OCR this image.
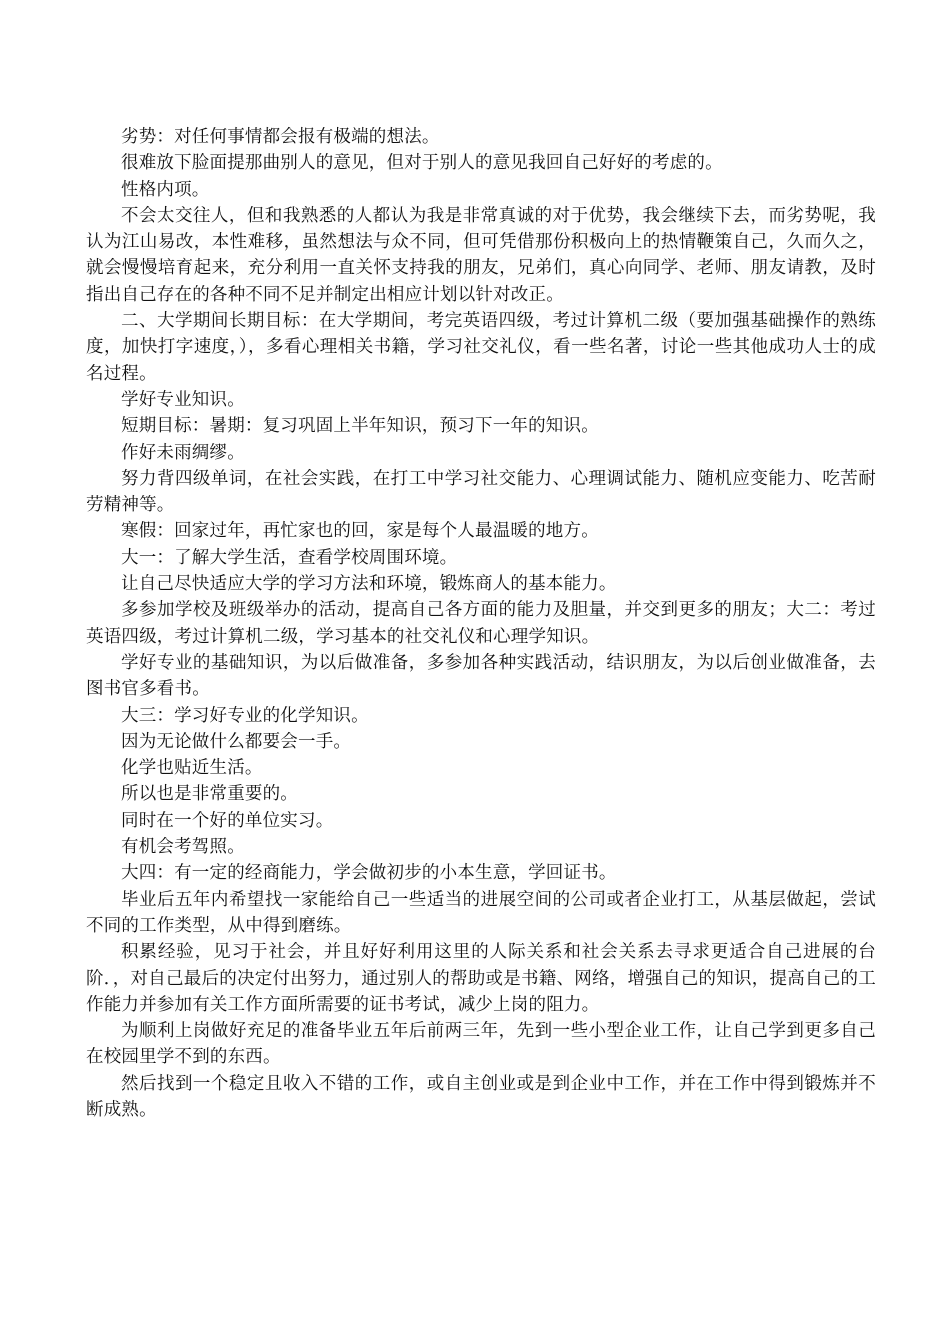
劣势：对任何事情都会报有极端的想法。

很难放下脸面提那曲别人的意见，但对于别人的意见我回自己好好的考虑的。

性格内项。

不会太交往人，但和我熟悉的人都认为我是非常真诚的对于优势，我会继续下去，而劣势呢，我认为江山易改，本性难移，虽然想法与众不同，但可凭借那份积极向上的热情鞭策自己，久而久之，就会慢慢培育起来，充分利用一直关怀支持我的朋友，兄弟们，真心向同学、老师、朋友请教，及时指出自己存在的各种不同不足并制定出相应计划以针对改正。

二、大学期间长期目标：在大学期间，考完英语四级，考过计算机二级（要加强基础操作的熟练度，加快打字速度，），多看心理相关书籍，学习社交礼仪，看一些名著，讨论一些其他成功人士的成名过程。

学好专业知识。

短期目标：暑期：复习巩固上半年知识，预习下一年的知识。

作好未雨绸缪。

努力背四级单词，在社会实践，在打工中学习社交能力、心理调试能力、随机应变能力、吃苦耐劳精神等。

寒假：回家过年，再忙家也的回，家是每个人最温暖的地方。

大一：了解大学生活，查看学校周围环境。

让自己尽快适应大学的学习方法和环境，锻炼商人的基本能力。

多参加学校及班级举办的活动，提高自己各方面的能力及胆量，并交到更多的朋友；大二：考过英语四级，考过计算机二级，学习基本的社交礼仪和心理学知识。

学好专业的基础知识，为以后做准备，多参加各种实践活动，结识朋友，为以后创业做准备，去图书官多看书。

大三：学习好专业的化学知识。

因为无论做什么都要会一手。

化学也贴近生活。

所以也是非常重要的。

同时在一个好的单位实习。

有机会考驾照。

大四：有一定的经商能力，学会做初步的小本生意，学回证书。

毕业后五年内希望找一家能给自己一些适当的进展空间的公司或者企业打工，从基层做起，尝试不同的工作类型，从中得到磨练。

积累经验，见习于社会，并且好好利用这里的人际关系和社会关系去寻求更适合自己进展的台阶．，对自己最后的决定付出努力，通过别人的帮助或是书籍、网络，增强自己的知识，提高自己的工作能力并参加有关工作方面所需要的证书考试，减少上岗的阻力。

为顺利上岗做好充足的准备毕业五年后前两三年，先到一些小型企业工作，让自己学到更多自己在校园里学不到的东西。

然后找到一个稳定且收入不错的工作，或自主创业或是到企业中工作，并在工作中得到锻炼并不断成熟。
